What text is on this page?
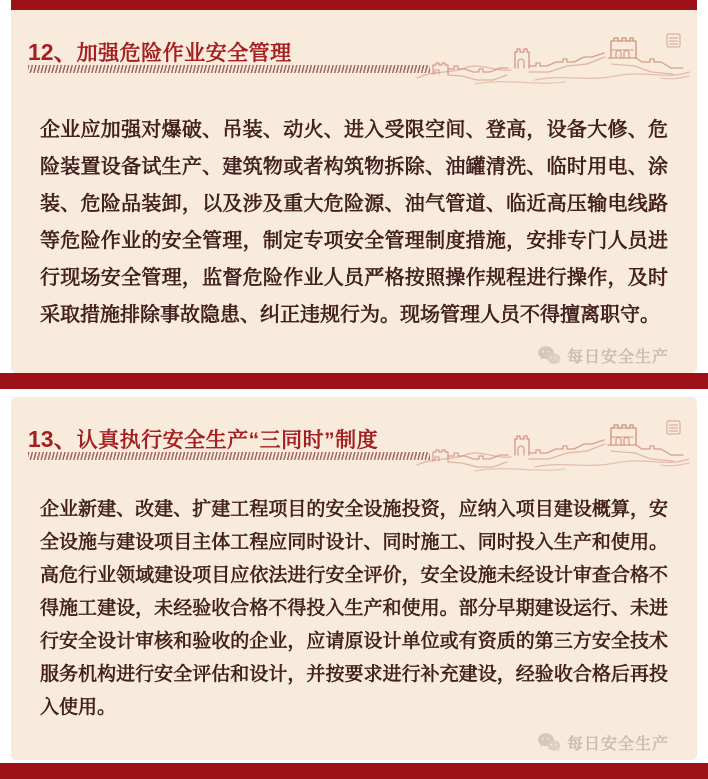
12、加强危险作业安全管理

企业应加强对爆破、吊装、动火、进入受限空间、登高，设备大修、危险装置设备试生产、建筑物或者构筑物拆除、油罐清洗、临时用电、涂装、危险品装卸，以及涉及重大危险源、油气管道、临近高压输电线路等危险作业的安全管理，制定专项安全管理制度措施，安排专门人员进行现场安全管理，监督危险作业人员严格按照操作规程进行操作，及时采取措施排除事故隐患、纠正违规行为。现场管理人员不得擅离职守。

每日安全生产
13、认真执行安全生产“三同时”制度

企业新建、改建、扩建工程项目的安全设施投资，应纳入项目建设概算，安全设施与建设项目主体工程应同时设计、同时施工、同时投入生产和使用。高危行业领域建设项目应依法进行安全评价，安全设施未经设计审查合格不得施工建设，未经验收合格不得投入生产和使用。部分早期建设运行、未进行安全设计审核和验收的企业，应请原设计单位或有资质的第三方安全技术服务机构进行安全评估和设计，并按要求进行补充建设，经验收合格后再投入使用。

每日安全生产
